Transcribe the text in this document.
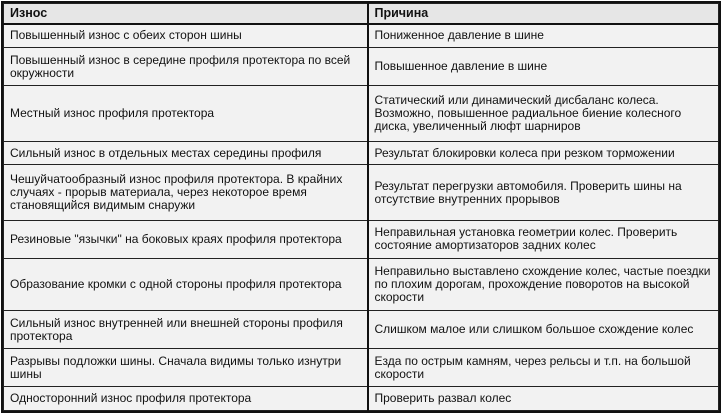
Износ	Причина
Повышенный износ с обеих сторон шины	Пониженное давление в шине
Повышенный износ в середине профиля протектора по всей окружности	Повышенное давление в шине
Местный износ профиля протектора	Статический или динамический дисбаланс колеса. Возможно, повышенное радиальное биение колесного диска, увеличенный люфт шарниров
Сильный износ в отдельных местах середины профиля	Результат блокировки колеса при резком торможении
Чешуйчатообразный износ профиля протектора. В крайних случаях - прорыв материала, через некоторое время становящийся видимым снаружи	Результат перегрузки автомобиля. Проверить шины на отсутствие внутренних прорывов
Резиновые "язычки" на боковых краях профиля протектора	Неправильная установка геометрии колес. Проверить состояние амортизаторов задних колес
Образование кромки с одной стороны профиля протектора	Неправильно выставлено схождение колес, частые поездки по плохим дорогам, прохождение поворотов на высокой скорости
Сильный износ внутренней или внешней стороны профиля протектора	Слишком малое или слишком большое схождение колес
Разрывы подложки шины. Сначала видимы только изнутри шины	Езда по острым камням, через рельсы и т.п. на большой скорости
Односторонний износ профиля протектора	Проверить развал колес
